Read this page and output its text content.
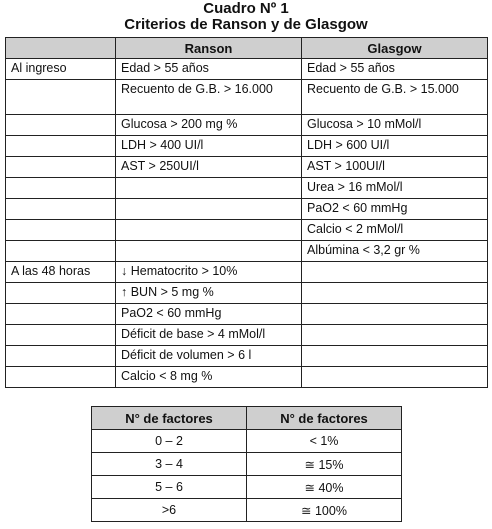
Cuadro Nº 1
Criterios de Ranson y de Glasgow
	Ranson	Glasgow

Al ingreso	Edad > 55 años	Edad > 55 años

	Recuento de G.B. > 16.000	Recuento de G.B. > 15.000

	Glucosa > 200 mg %	Glucosa > 10 mMol/l

	LDH > 400 UI/l	LDH > 600 UI/l

	AST > 250UI/l	AST > 100UI/l

		Urea > 16 mMol/l

		PaO2 < 60 mmHg

		Calcio < 2 mMol/l

		Albúmina < 3,2 gr %

A las 48 horas	↓ Hematocrito > 10%	

	↑ BUN > 5 mg %	

	PaO2 < 60 mmHg	

	Déficit de base > 4 mMol/l	

	Déficit de volumen > 6 l	

	Calcio < 8 mg %	

N° de factores	N° de factores
0 – 2	< 1%
3 – 4	≅ 15%
5 – 6	≅ 40%
>6	≅ 100%
